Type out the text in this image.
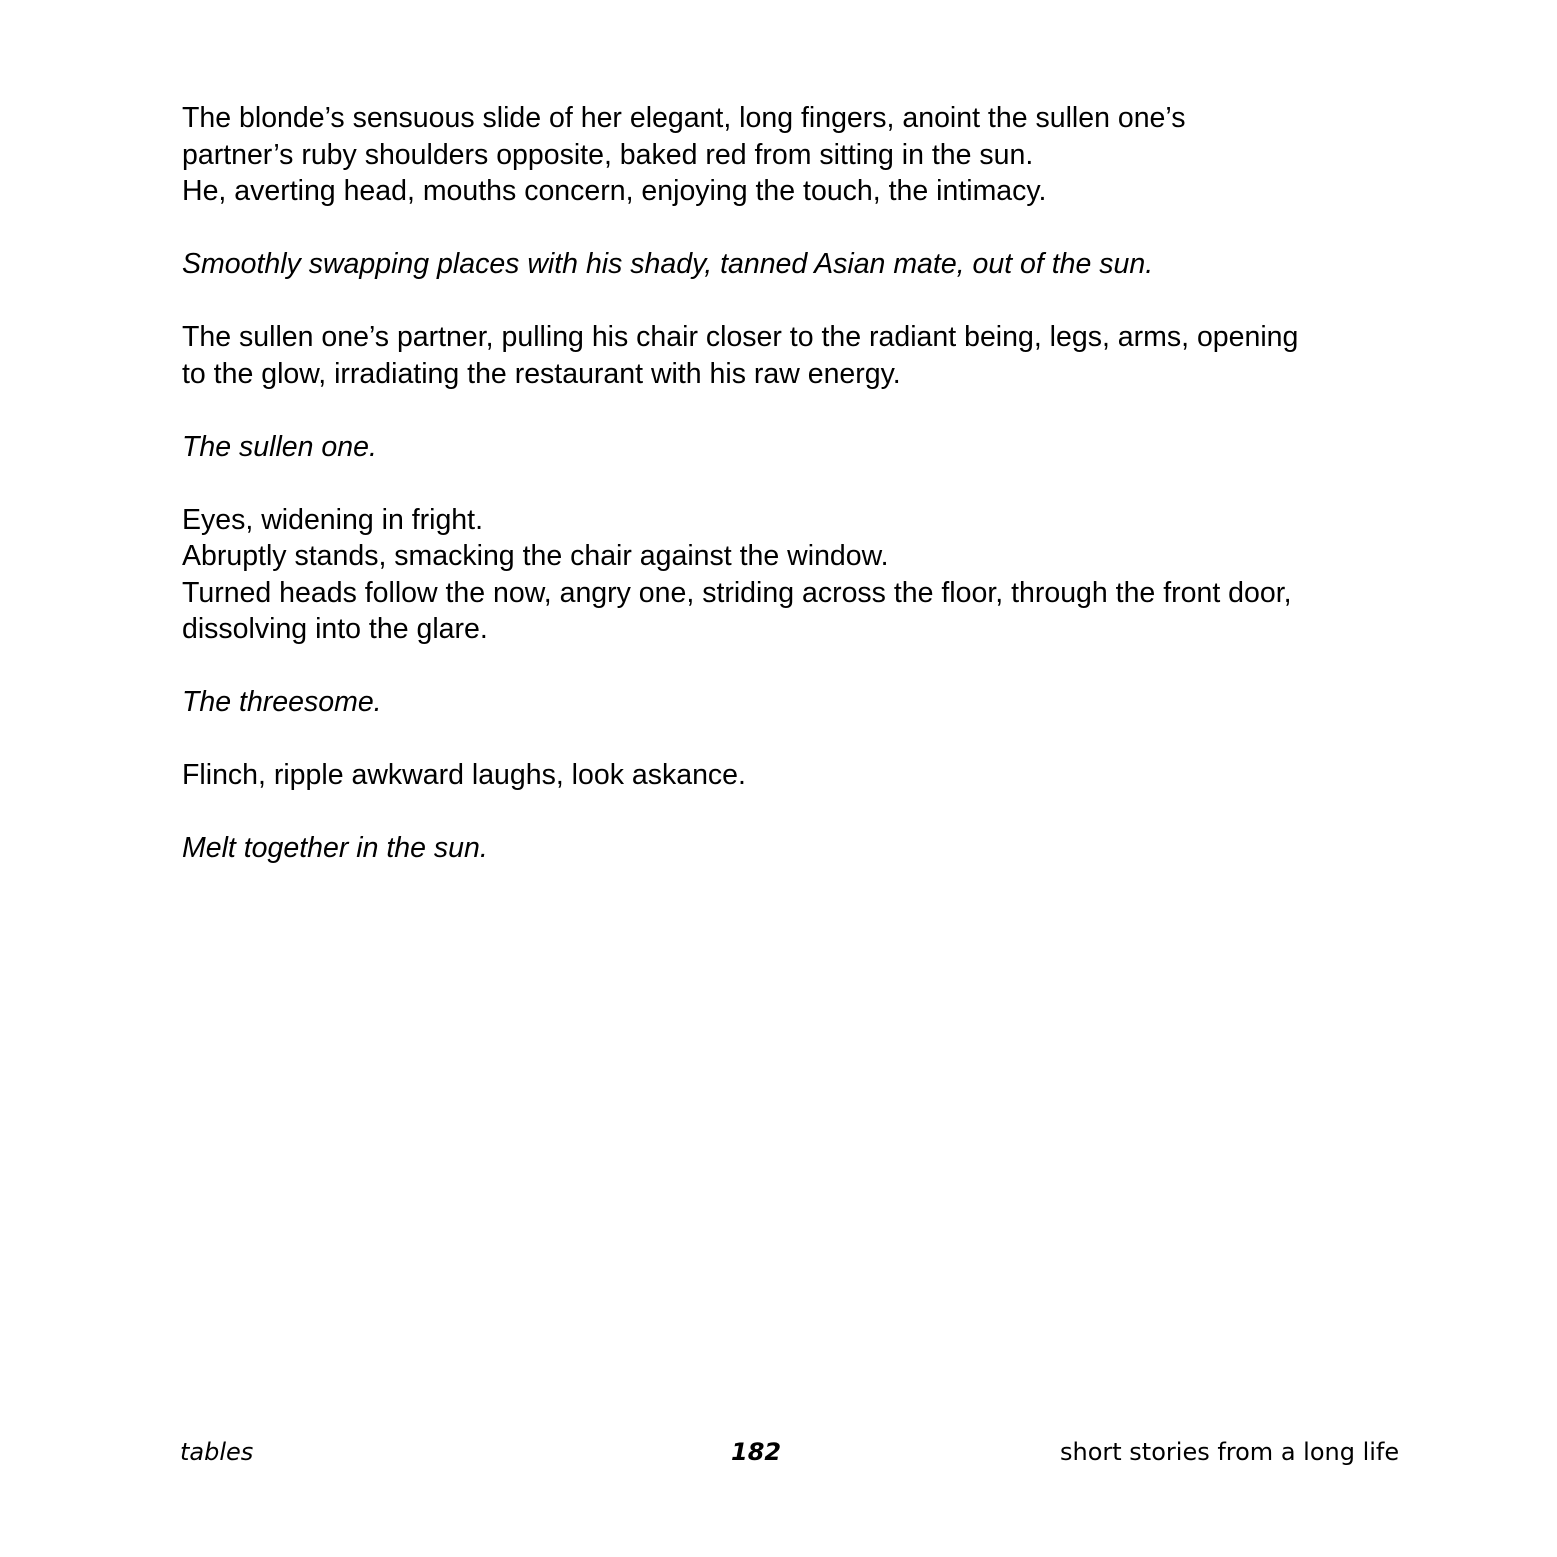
The blonde’s sensuous slide of her elegant, long fingers, anoint the sullen one’s
partner’s ruby shoulders opposite, baked red from sitting in the sun.
He, averting head, mouths concern, enjoying the touch, the intimacy.

Smoothly swapping places with his shady, tanned Asian mate, out of the sun.

The sullen one’s partner, pulling his chair closer to the radiant being, legs, arms, opening
to the glow, irradiating the restaurant with his raw energy.

The sullen one.

Eyes, widening in fright.
Abruptly stands, smacking the chair against the window.
Turned heads follow the now, angry one, striding across the floor, through the front door,
dissolving into the glare.

The threesome.

Flinch, ripple awkward laughs, look askance.

Melt together in the sun.

tables	182	short stories from a long life
